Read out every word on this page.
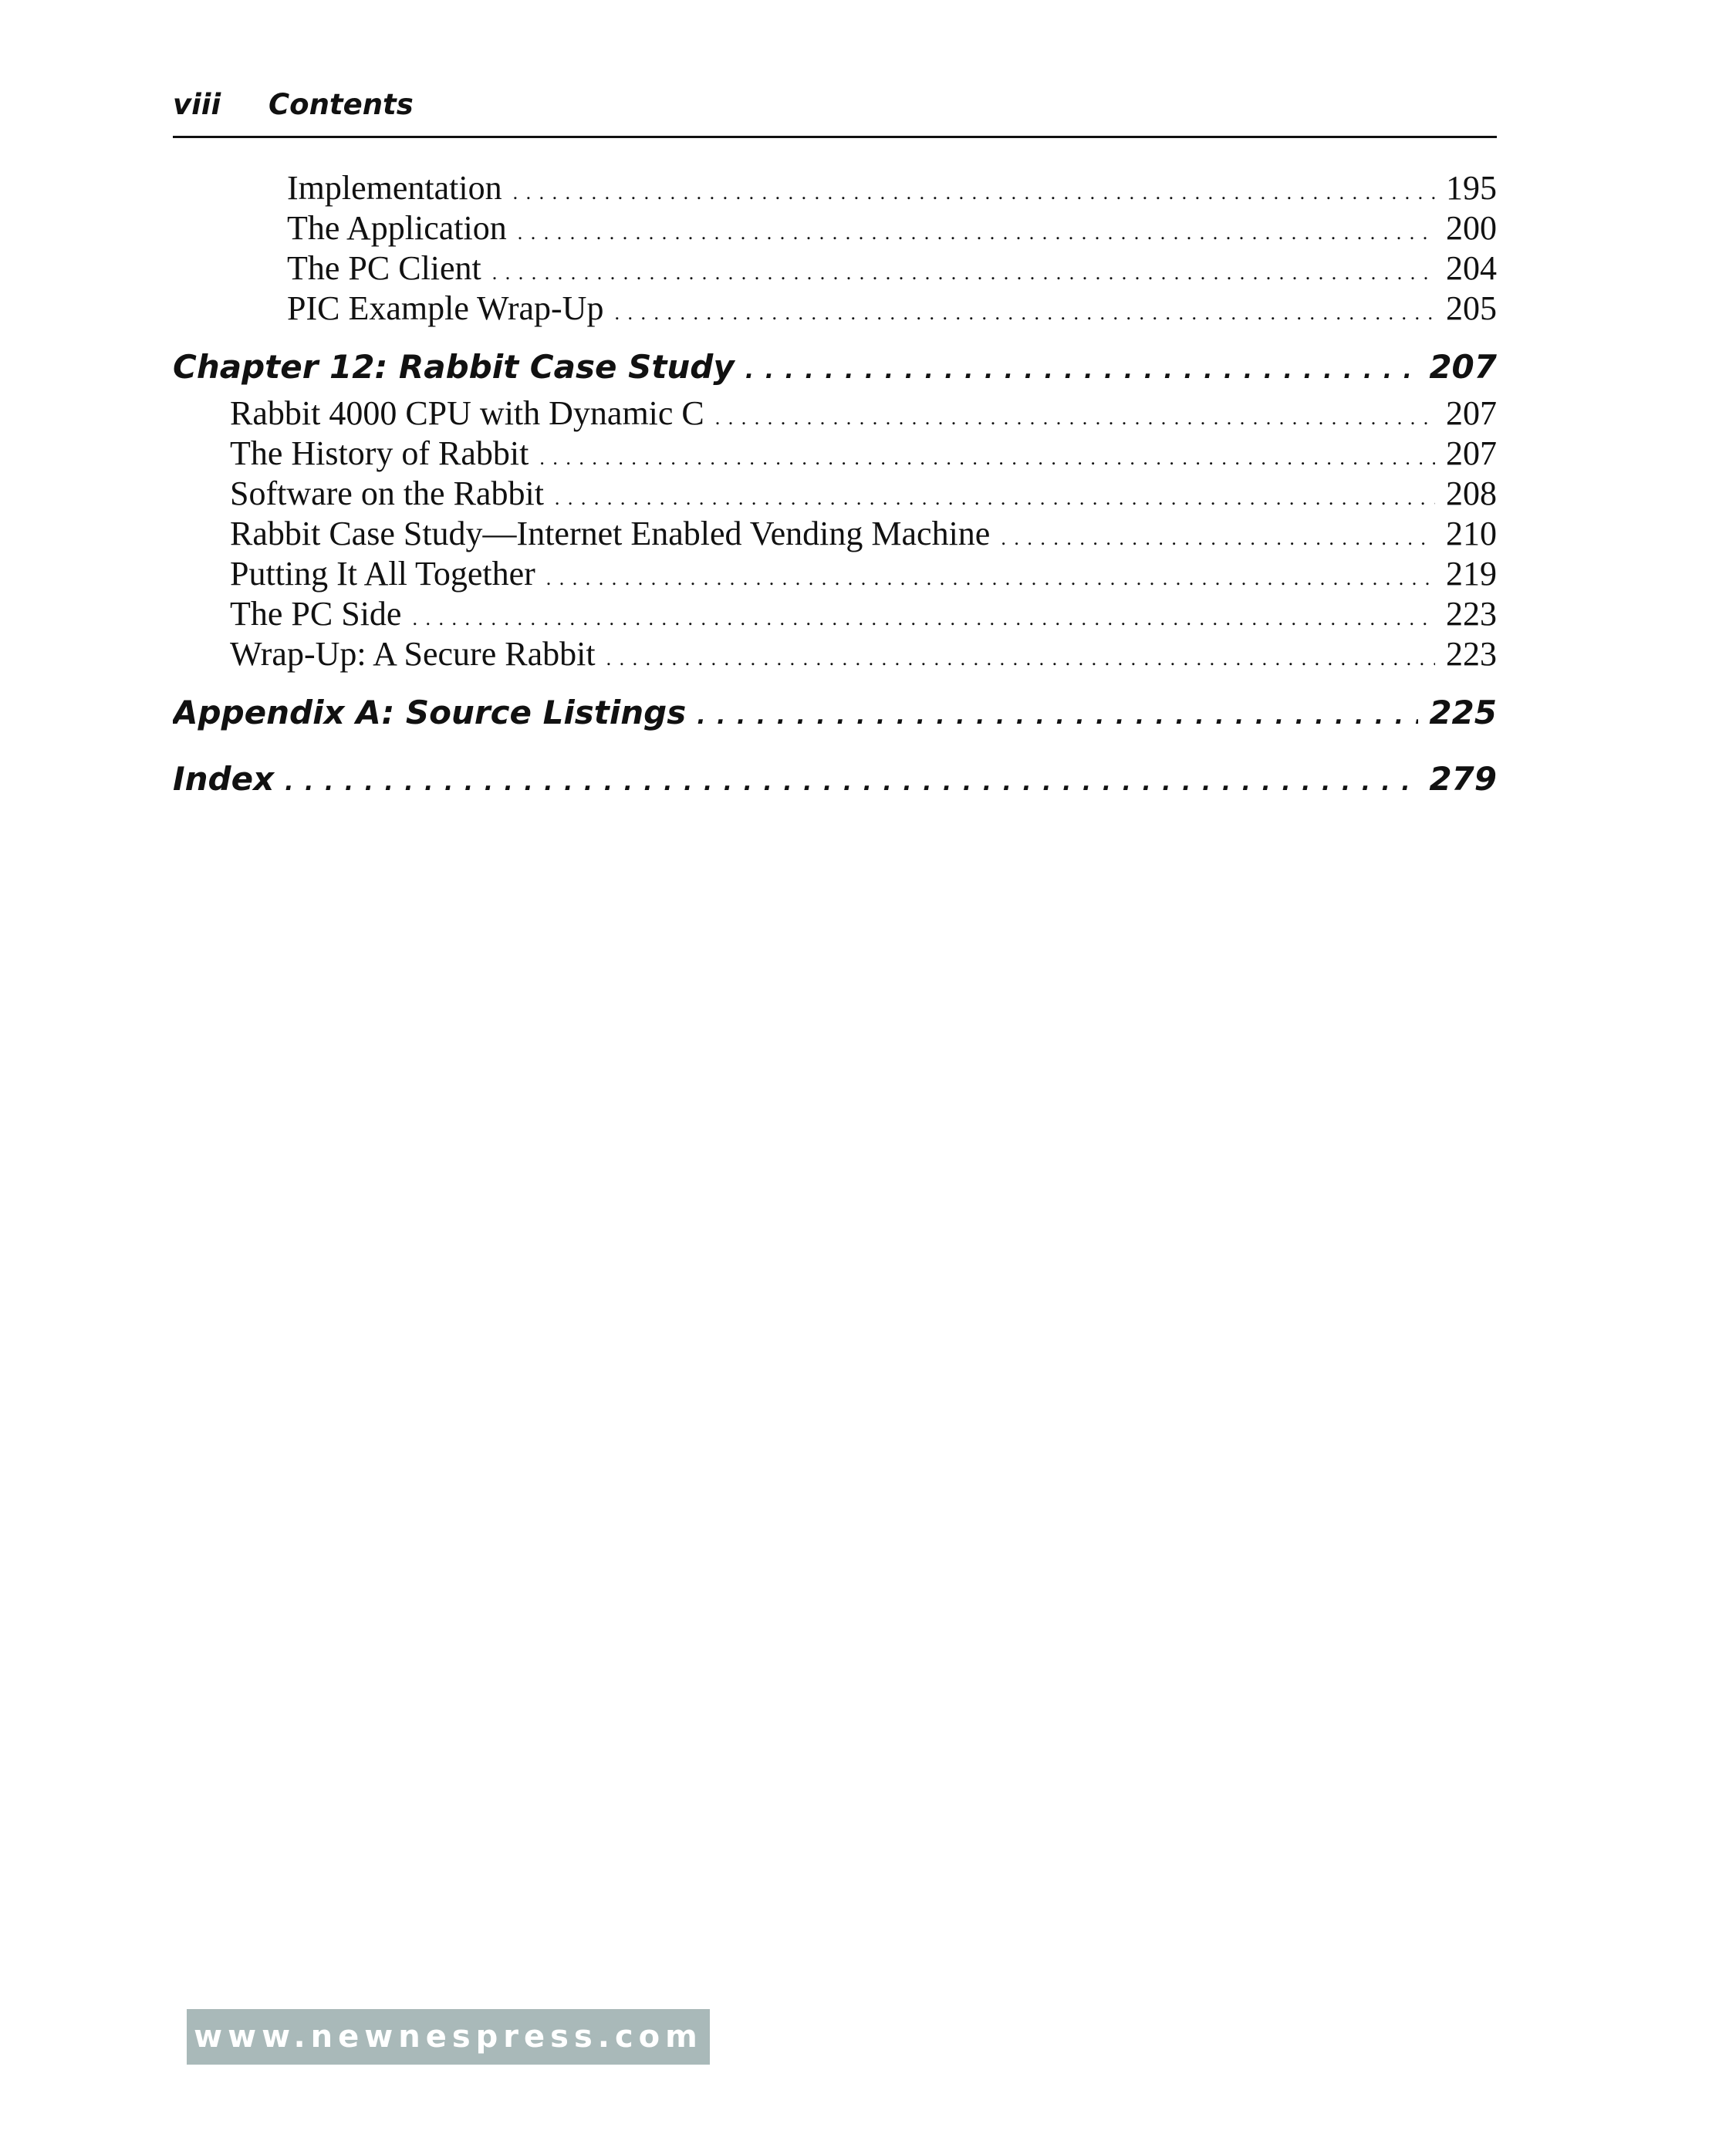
viii Contents
Implementation . . .	195
The Application . . .	200
The PC Client . . .	204
PIC Example Wrap-Up . . .	205
Chapter 12: Rabbit Case Study . . .	207
Rabbit 4000 CPU with Dynamic C . . .	207
The History of Rabbit . . .	207
Software on the Rabbit . . .	208
Rabbit Case Study—Internet Enabled Vending Machine . . .	210
Putting It All Together . . .	219
The PC Side . . .	223
Wrap-Up: A Secure Rabbit . . .	223
Appendix A: Source Listings . . .	225
Index . . .	279
www.newnespress.com
